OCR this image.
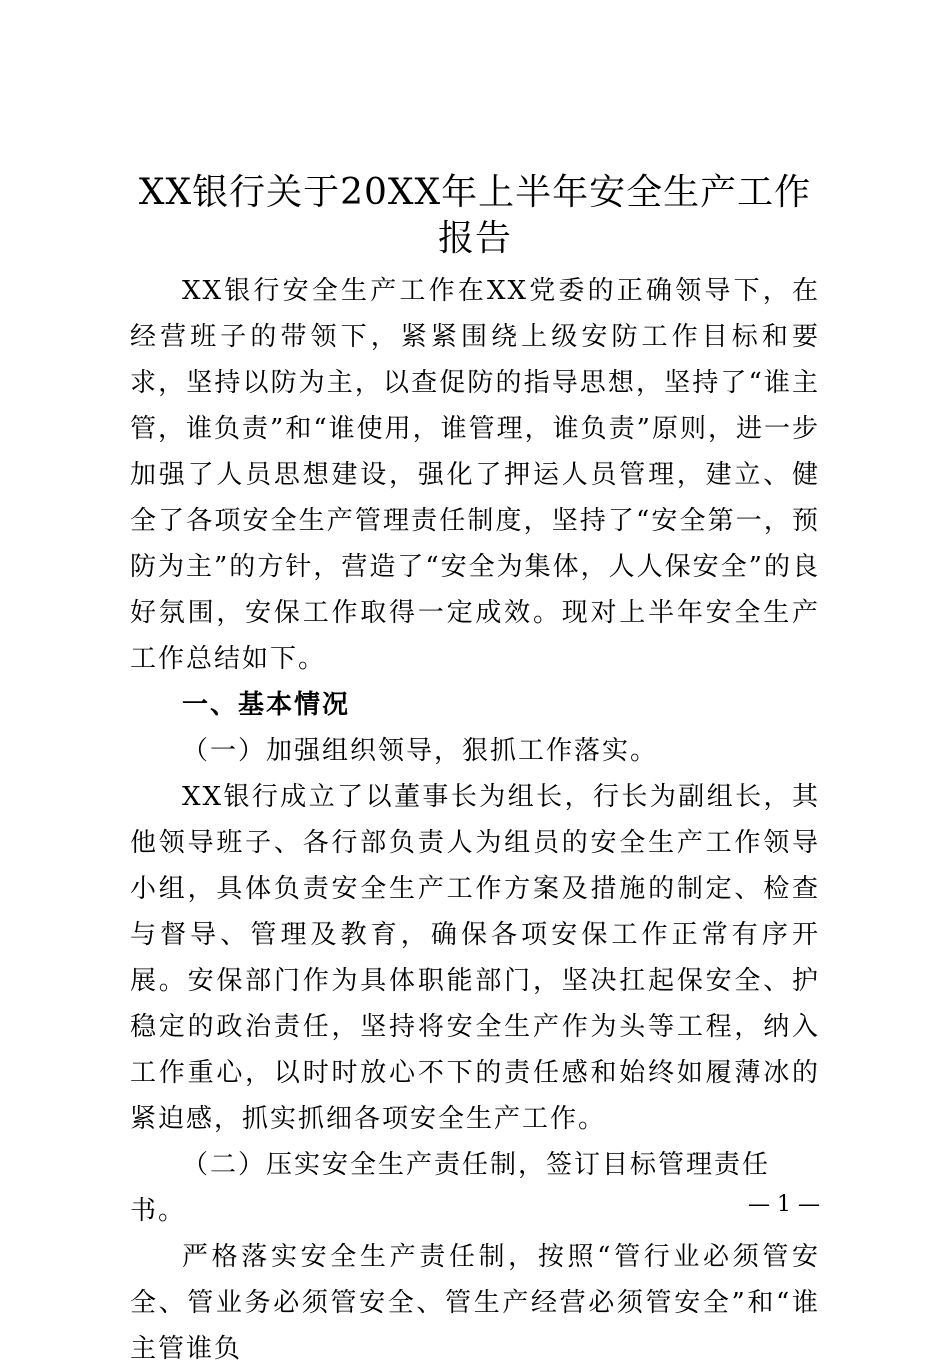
XX银行关于20XX年上半年安全生产工作报告

XX银行安全生产工作在XX党委的正确领导下，在经营班子的带领下，紧紧围绕上级安防工作目标和要求，坚持以防为主，以查促防的指导思想，坚持了“谁主管，谁负责”和“谁使用，谁管理，谁负责”原则，进一步加强了人员思想建设，强化了押运人员管理，建立、健全了各项安全生产管理责任制度，坚持了“安全第一，预防为主”的方针，营造了“安全为集体，人人保安全”的良好氛围，安保工作取得一定成效。现对上半年安全生产工作总结如下。

一、基本情况

（一）加强组织领导，狠抓工作落实。

XX银行成立了以董事长为组长，行长为副组长，其他领导班子、各行部负责人为组员的安全生产工作领导小组，具体负责安全生产工作方案及措施的制定、检查与督导、管理及教育，确保各项安保工作正常有序开展。安保部门作为具体职能部门，坚决扛起保安全、护稳定的政治责任，坚持将安全生产作为头等工程，纳入工作重心，以时时放心不下的责任感和始终如履薄冰的紧迫感，抓实抓细各项安全生产工作。

（二）压实安全生产责任制，签订目标管理责任书。

严格落实安全生产责任制，按照“管行业必须管安全、管业务必须管安全、管生产经营必须管安全”和“谁主管谁负

— 1 —
